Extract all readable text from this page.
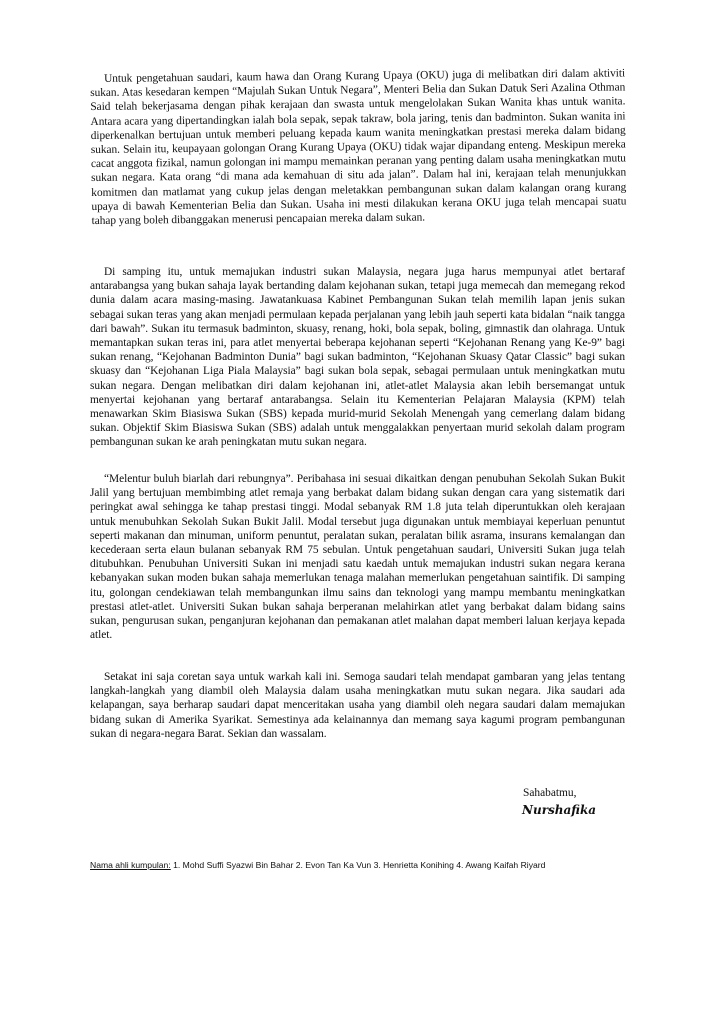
Untuk pengetahuan saudari, kaum hawa dan Orang Kurang Upaya (OKU) juga di melibatkan diri dalam aktiviti sukan. Atas kesedaran kempen “Majulah Sukan Untuk Negara”, Menteri Belia dan Sukan Datuk Seri Azalina Othman Said telah bekerjasama dengan pihak kerajaan dan swasta untuk mengelolakan Sukan Wanita khas untuk wanita. Antara acara yang dipertandingkan ialah bola sepak, sepak takraw, bola jaring, tenis dan badminton. Sukan wanita ini diperkenalkan bertujuan untuk memberi peluang kepada kaum wanita meningkatkan prestasi mereka dalam bidang sukan. Selain itu, keupayaan golongan Orang Kurang Upaya (OKU) tidak wajar dipandang enteng. Meskipun mereka cacat anggota fizikal, namun golongan ini mampu memainkan peranan yang penting dalam usaha meningkatkan mutu sukan negara. Kata orang “di mana ada kemahuan di situ ada jalan”. Dalam hal ini, kerajaan telah menunjukkan komitmen dan matlamat yang cukup jelas dengan meletakkan pembangunan sukan dalam kalangan orang kurang upaya di bawah Kementerian Belia dan Sukan. Usaha ini mesti dilakukan kerana OKU juga telah mencapai suatu tahap yang boleh dibanggakan menerusi pencapaian mereka dalam sukan.

Di samping itu, untuk memajukan industri sukan Malaysia, negara juga harus mempunyai atlet bertaraf antarabangsa yang bukan sahaja layak bertanding dalam kejohanan sukan, tetapi juga memecah dan memegang rekod dunia dalam acara masing-masing. Jawatankuasa Kabinet Pembangunan Sukan telah memilih lapan jenis sukan sebagai sukan teras yang akan menjadi permulaan kepada perjalanan yang lebih jauh seperti kata bidalan “naik tangga dari bawah”. Sukan itu termasuk badminton, skuasy, renang, hoki, bola sepak, boling, gimnastik dan olahraga. Untuk memantapkan sukan teras ini, para atlet menyertai beberapa kejohanan seperti “Kejohanan Renang yang Ke-9” bagi sukan renang, “Kejohanan Badminton Dunia” bagi sukan badminton, “Kejohanan Skuasy Qatar Classic” bagi sukan skuasy dan “Kejohanan Liga Piala Malaysia” bagi sukan bola sepak, sebagai permulaan untuk meningkatkan mutu sukan negara. Dengan melibatkan diri dalam kejohanan ini, atlet-atlet Malaysia akan lebih bersemangat untuk menyertai kejohanan yang bertaraf antarabangsa. Selain itu Kementerian Pelajaran Malaysia (KPM) telah menawarkan Skim Biasiswa Sukan (SBS) kepada murid-murid Sekolah Menengah yang cemerlang dalam bidang sukan. Objektif Skim Biasiswa Sukan (SBS) adalah untuk menggalakkan penyertaan murid sekolah dalam program pembangunan sukan ke arah peningkatan mutu sukan negara.

“Melentur buluh biarlah dari rebungnya”. Peribahasa ini sesuai dikaitkan dengan penubuhan Sekolah Sukan Bukit Jalil yang bertujuan membimbing atlet remaja yang berbakat dalam bidang sukan dengan cara yang sistematik dari peringkat awal sehingga ke tahap prestasi tinggi. Modal sebanyak RM 1.8 juta telah diperuntukkan oleh kerajaan untuk menubuhkan Sekolah Sukan Bukit Jalil. Modal tersebut juga digunakan untuk membiayai keperluan penuntut seperti makanan dan minuman, uniform penuntut, peralatan sukan, peralatan bilik asrama, insurans kemalangan dan kecederaan serta elaun bulanan sebanyak RM 75 sebulan. Untuk pengetahuan saudari, Universiti Sukan juga telah ditubuhkan. Penubuhan Universiti Sukan ini menjadi satu kaedah untuk memajukan industri sukan negara kerana kebanyakan sukan moden bukan sahaja memerlukan tenaga malahan memerlukan pengetahuan saintifik. Di samping itu, golongan cendekiawan telah membangunkan ilmu sains dan teknologi yang mampu membantu meningkatkan prestasi atlet-atlet. Universiti Sukan bukan sahaja berperanan melahirkan atlet yang berbakat dalam bidang sains sukan, pengurusan sukan, penganjuran kejohanan dan pemakanan atlet malahan dapat memberi laluan kerjaya kepada atlet.

Setakat ini saja coretan saya untuk warkah kali ini. Semoga saudari telah mendapat gambaran yang jelas tentang langkah-langkah yang diambil oleh Malaysia dalam usaha meningkatkan mutu sukan negara. Jika saudari ada kelapangan, saya berharap saudari dapat menceritakan usaha yang diambil oleh negara saudari dalam memajukan bidang sukan di Amerika Syarikat. Semestinya ada kelainannya dan memang saya kagumi program pembangunan sukan di negara-negara Barat. Sekian dan wassalam.

Sahabatmu,
Nurshafika
Nama ahli kumpulan: 1. Mohd Suffi Syazwi Bin Bahar 2. Evon Tan Ka Vun 3. Henrietta Konihing 4. Awang Kaifah Riyard
